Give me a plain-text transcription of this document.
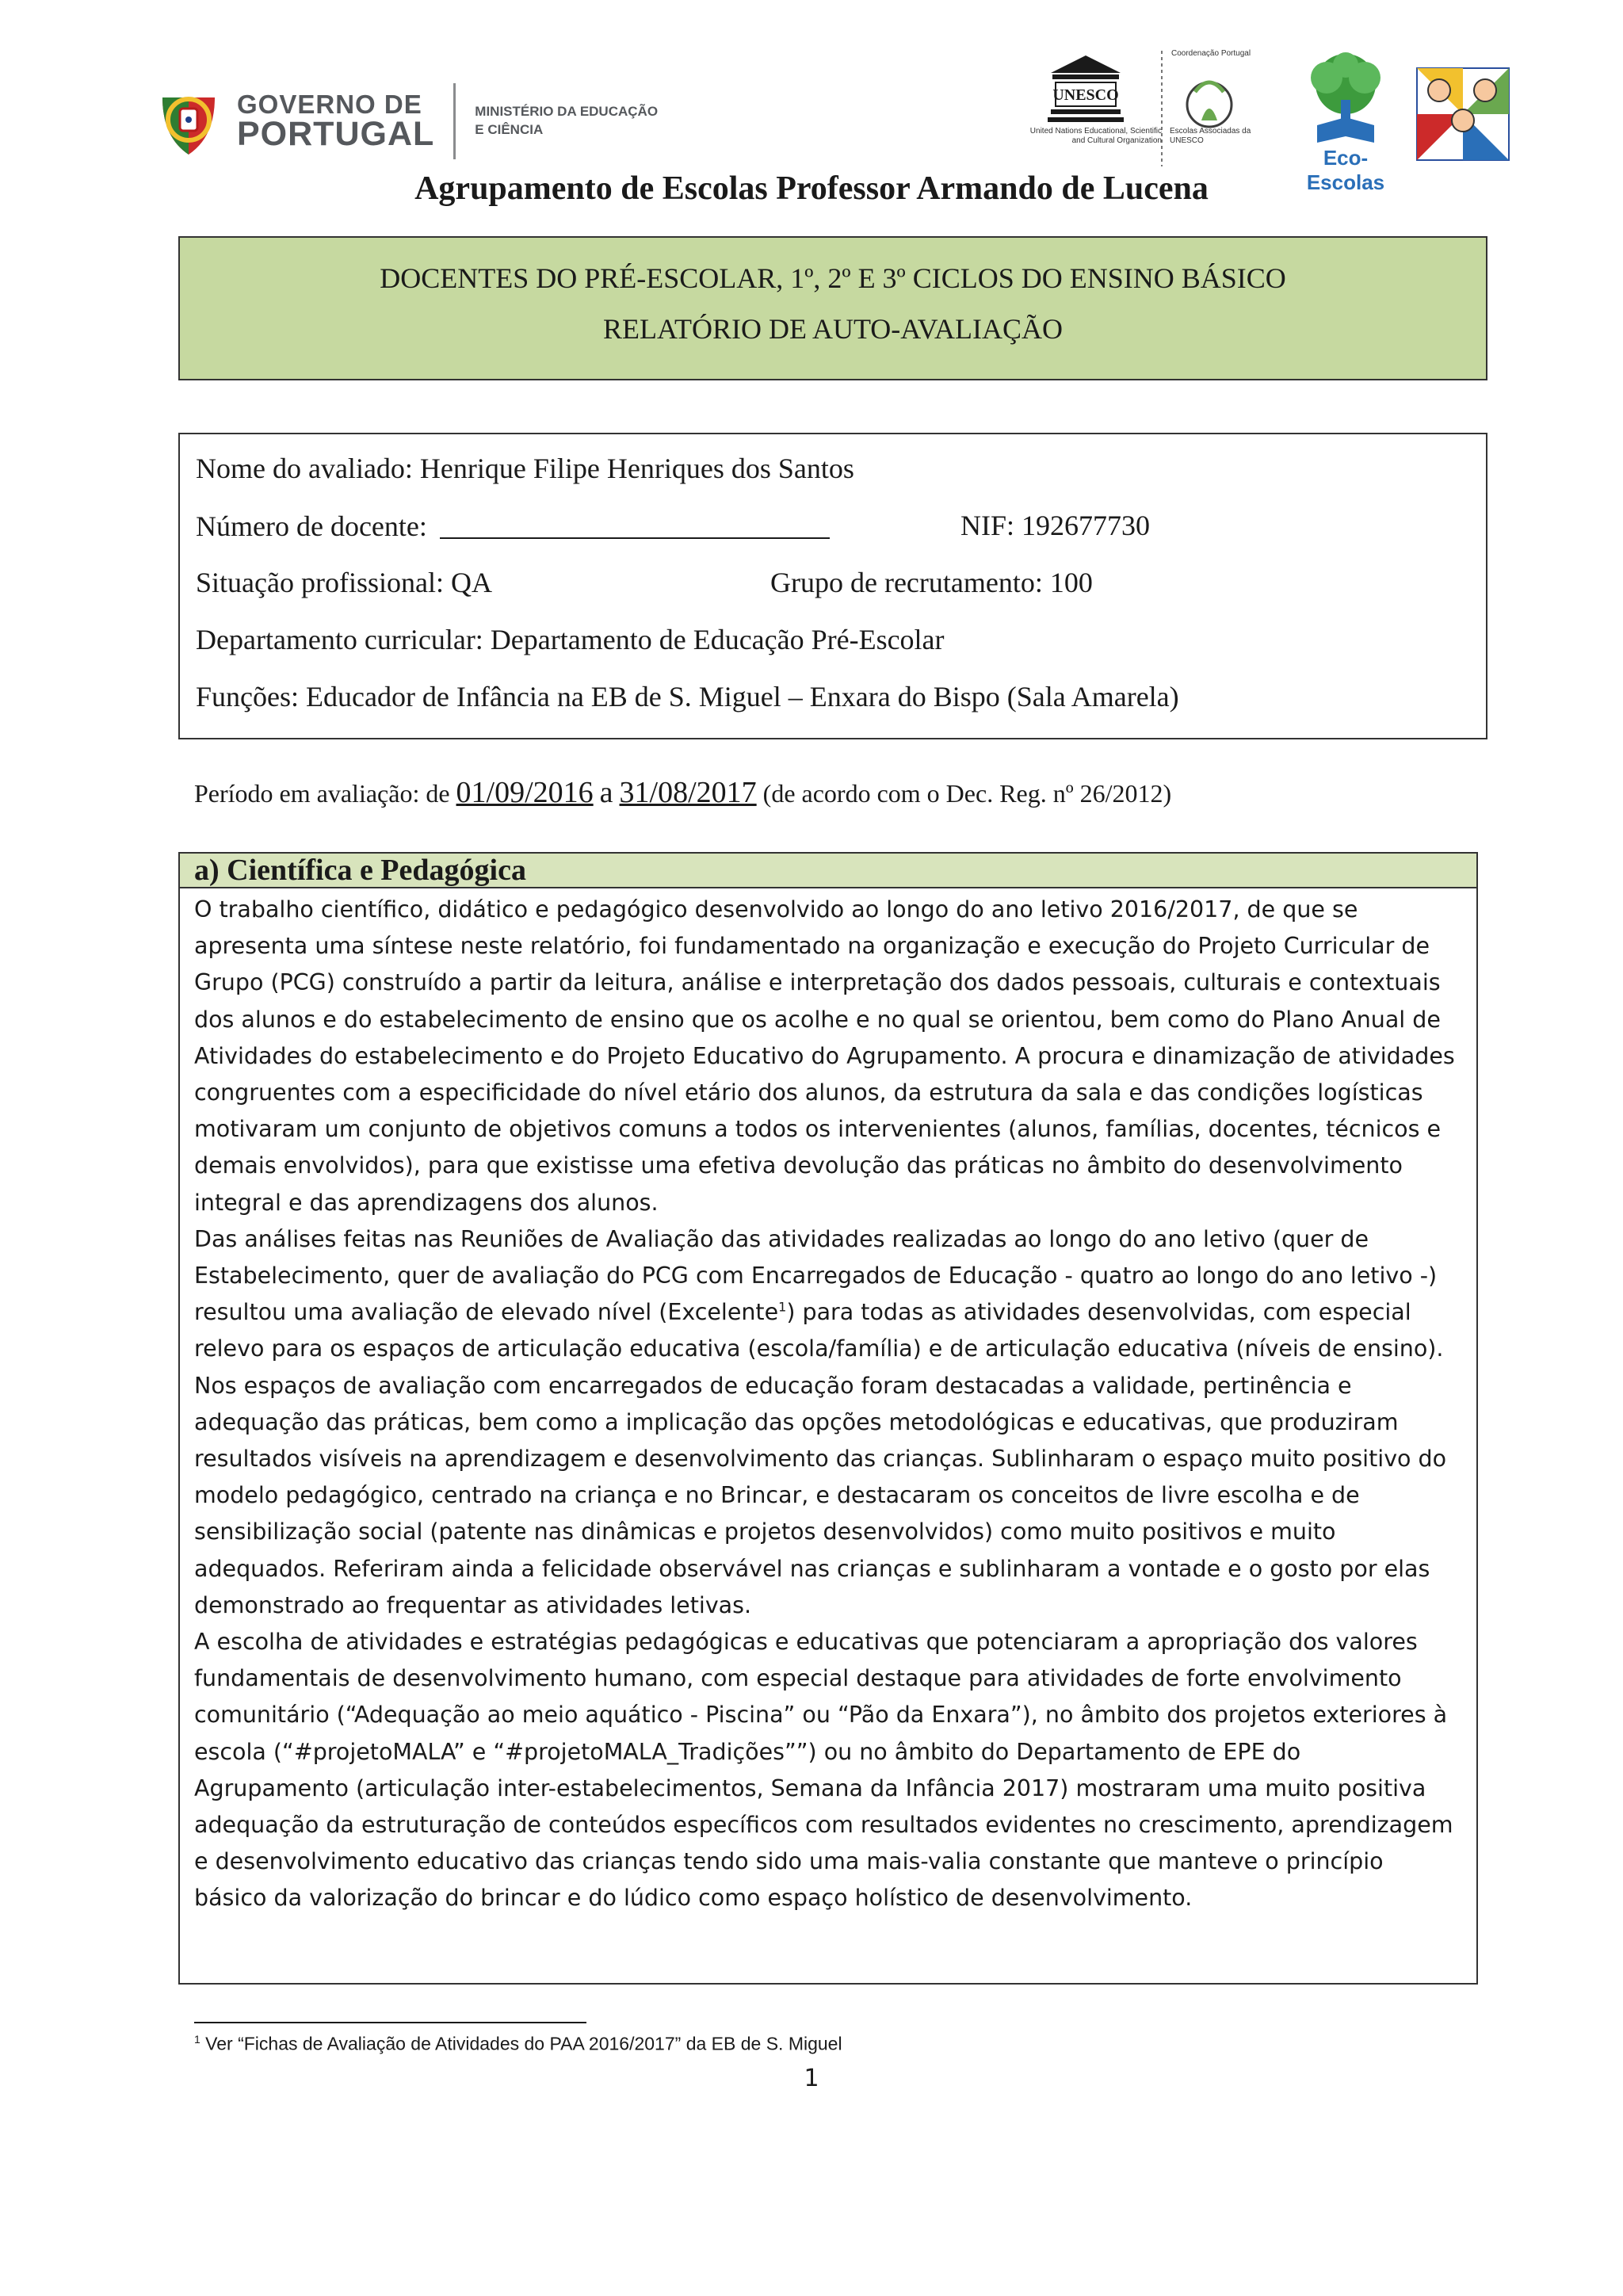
GOVERNO DE
PORTUGAL
MINISTÉRIO DA EDUCAÇÃO
E CIÊNCIA
UNESCO
Coordenação Portugal
United Nations Educational, Scientific and Cultural Organization
Escolas Associadas da UNESCO
Eco-Escolas
Agrupamento de Escolas Professor Armando de Lucena
DOCENTES DO PRÉ-ESCOLAR, 1º, 2º E 3º CICLOS DO ENSINO BÁSICO
RELATÓRIO DE AUTO-AVALIAÇÃO
Nome do avaliado: Henrique Filipe Henriques dos Santos
Número de docente:	NIF: 192677730
Situação profissional: QA	Grupo de recrutamento: 100
Departamento curricular: Departamento de Educação Pré-Escolar
Funções: Educador de Infância na EB de S. Miguel – Enxara do Bispo (Sala Amarela)
Período em avaliação: de 01/09/2016 a 31/08/2017 (de acordo com o Dec. Reg. nº 26/2012)
a) Científica e Pedagógica

O trabalho científico, didático e pedagógico desenvolvido ao longo do ano letivo 2016/2017, de que se apresenta uma síntese neste relatório, foi fundamentado na organização e execução do Projeto Curricular de Grupo (PCG) construído a partir da leitura, análise e interpretação dos dados pessoais, culturais e contextuais dos alunos e do estabelecimento de ensino que os acolhe e no qual se orientou, bem como do Plano Anual de Atividades do estabelecimento e do Projeto Educativo do Agrupamento. A procura e dinamização de atividades congruentes com a especificidade do nível etário dos alunos, da estrutura da sala e das condições logísticas motivaram um conjunto de objetivos comuns a todos os intervenientes (alunos, famílias, docentes, técnicos e demais envolvidos), para que existisse uma efetiva devolução das práticas no âmbito do desenvolvimento integral e das aprendizagens dos alunos.

Das análises feitas nas Reuniões de Avaliação das atividades realizadas ao longo do ano letivo (quer de Estabelecimento, quer de avaliação do PCG com Encarregados de Educação - quatro ao longo do ano letivo -) resultou uma avaliação de elevado nível (Excelente$^1$) para todas as atividades desenvolvidas, com especial relevo para os espaços de articulação educativa (escola/família) e de articulação educativa (níveis de ensino).

Nos espaços de avaliação com encarregados de educação foram destacadas a validade, pertinência e adequação das práticas, bem como a implicação das opções metodológicas e educativas, que produziram resultados visíveis na aprendizagem e desenvolvimento das crianças. Sublinharam o espaço muito positivo do modelo pedagógico, centrado na criança e no Brincar, e destacaram os conceitos de livre escolha e de sensibilização social (patente nas dinâmicas e projetos desenvolvidos) como muito positivos e muito adequados. Referiram ainda a felicidade observável nas crianças e sublinharam a vontade e o gosto por elas demonstrado ao frequentar as atividades letivas.

A escolha de atividades e estratégias pedagógicas e educativas que potenciaram a apropriação dos valores fundamentais de desenvolvimento humano, com especial destaque para atividades de forte envolvimento comunitário (“Adequação ao meio aquático - Piscina” ou “Pão da Enxara”), no âmbito dos projetos exteriores à escola (“#projetoMALA” e “#projetoMALA_Tradições””) ou no âmbito do Departamento de EPE do Agrupamento (articulação inter-estabelecimentos, Semana da Infância 2017) mostraram uma muito positiva adequação da estruturação de conteúdos específicos com resultados evidentes no crescimento, aprendizagem e desenvolvimento educativo das crianças tendo sido uma mais-valia constante que manteve o princípio básico da valorização do brincar e do lúdico como espaço holístico de desenvolvimento.

$^1$ Ver “Fichas de Avaliação de Atividades do PAA 2016/2017” da EB de S. Miguel
1
